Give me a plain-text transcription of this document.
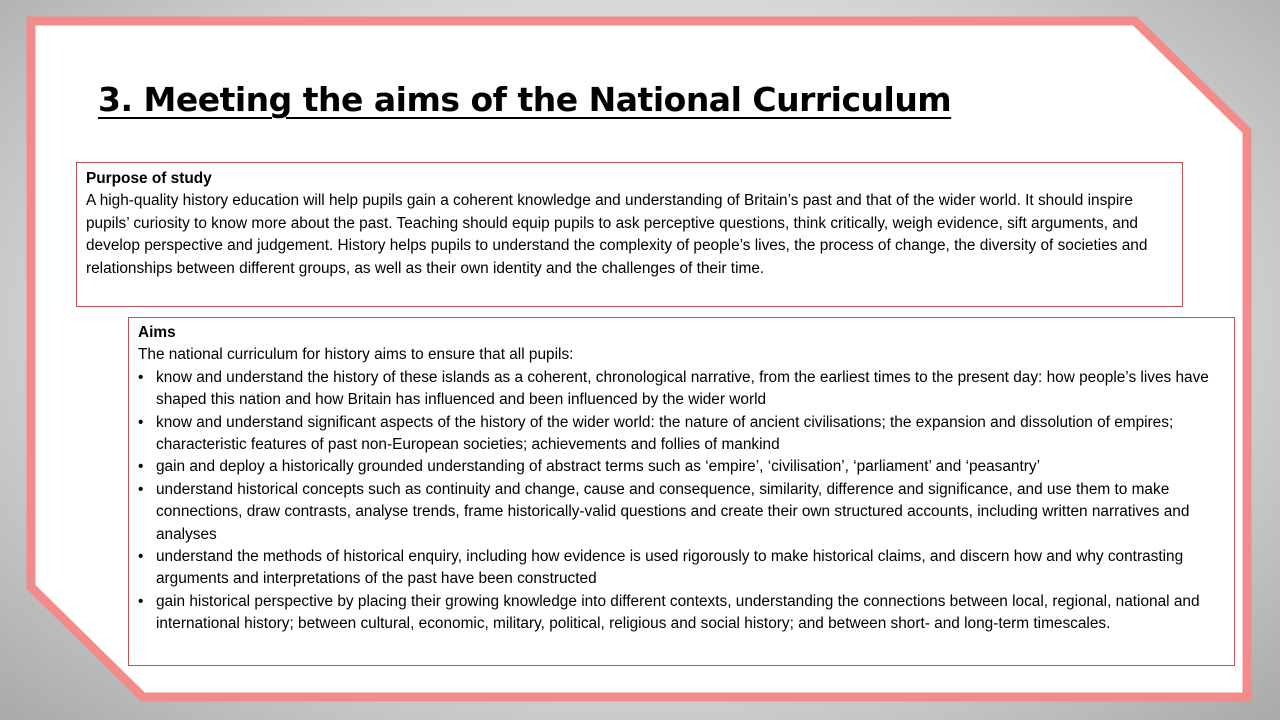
3. Meeting the aims of the National Curriculum
Purpose of study
A high-quality history education will help pupils gain a coherent knowledge and understanding of Britain’s past and that of the wider world. It should inspire pupils’ curiosity to know more about the past. Teaching should equip pupils to ask perceptive questions, think critically, weigh evidence, sift arguments, and develop perspective and judgement. History helps pupils to understand the complexity of people’s lives, the process of change, the diversity of societies and relationships between different groups, as well as their own identity and the challenges of their time.
Aims
The national curriculum for history aims to ensure that all pupils:
• know and understand the history of these islands as a coherent, chronological narrative, from the earliest times to the present day: how people’s lives have shaped this nation and how Britain has influenced and been influenced by the wider world
• know and understand significant aspects of the history of the wider world: the nature of ancient civilisations; the expansion and dissolution of empires; characteristic features of past non-European societies; achievements and follies of mankind
• gain and deploy a historically grounded understanding of abstract terms such as ‘empire’, ‘civilisation’, ‘parliament’ and ‘peasantry’
• understand historical concepts such as continuity and change, cause and consequence, similarity, difference and significance, and use them to make connections, draw contrasts, analyse trends, frame historically-valid questions and create their own structured accounts, including written narratives and analyses
• understand the methods of historical enquiry, including how evidence is used rigorously to make historical claims, and discern how and why contrasting arguments and interpretations of the past have been constructed
• gain historical perspective by placing their growing knowledge into different contexts, understanding the connections between local, regional, national and international history; between cultural, economic, military, political, religious and social history; and between short- and long-term timescales.
